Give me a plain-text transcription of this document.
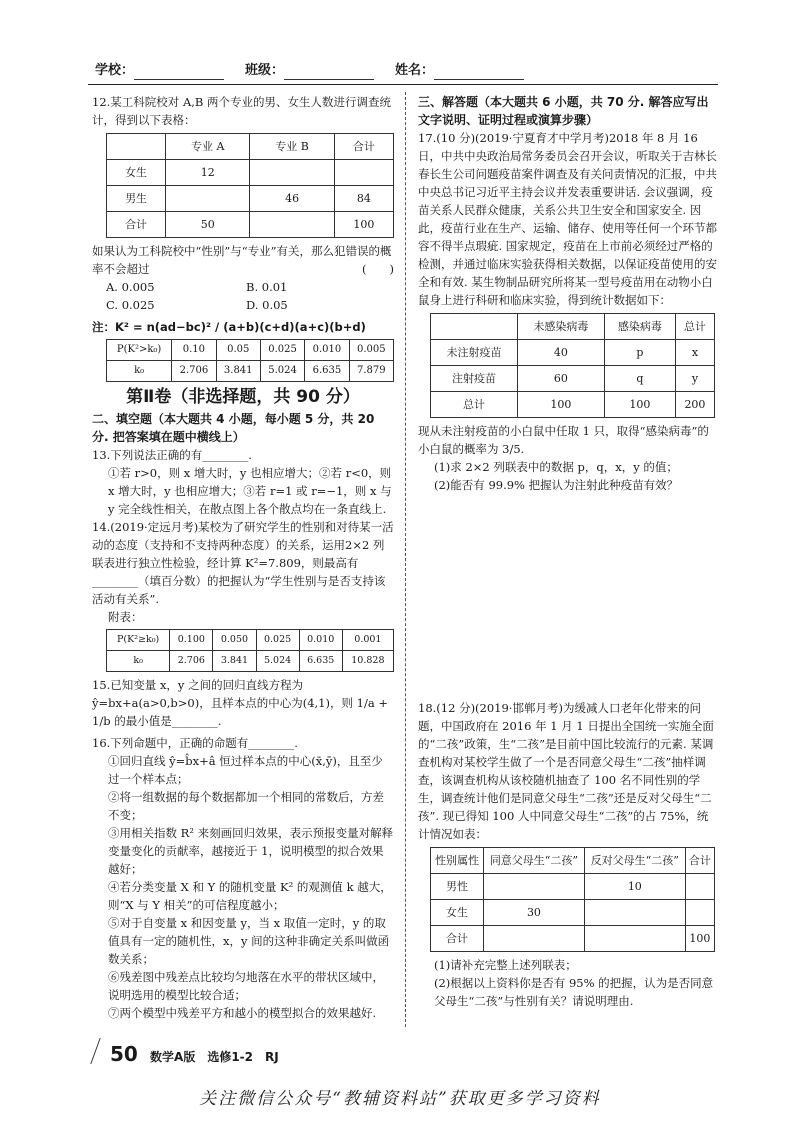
学校：	班级：	姓名：

12.某工科院校对 A,B 两个专业的男、女生人数进行调查统计，得到以下表格：

	专业 A	专业 B	合计
女生	12		
男生		46	84
合计	50		100

如果认为工科院校中“性别”与“专业”有关，那么犯错误的概率不会超过	(　　)

A. 0.005	B. 0.01
C. 0.025	D. 0.05

注：K² = n(ad−bc)² / (a+b)(c+d)(a+c)(b+d)

P(K²>k₀)	0.10	0.05	0.025	0.010	0.005
k₀	2.706	3.841	5.024	6.635	7.879
第Ⅱ卷（非选择题，共 90 分）

二、填空题（本大题共 4 小题，每小题 5 分，共 20 分. 把答案填在题中横线上）

13.下列说法正确的有________.

①若 r>0，则 x 增大时，y 也相应增大；②若 r<0，则 x 增大时，y 也相应增大；③若 r=1 或 r=−1，则 x 与 y 完全线性相关，在散点图上各个散点均在一条直线上.

14.(2019·定远月考)某校为了研究学生的性别和对待某一活动的态度（支持和不支持两种态度）的关系，运用2×2 列联表进行独立性检验，经计算 K²=7.809，则最高有________（填百分数）的把握认为“学生性别与是否支持该活动有关系”.

附表：

P(K²≥k₀)	0.100	0.050	0.025	0.010	0.001
k₀	2.706	3.841	5.024	6.635	10.828

15.已知变量 x，y 之间的回归直线方程为 ŷ=bx+a(a>0,b>0)，且样本点的中心为(4,1)，则 1/a + 1/b 的最小值是________.

16.下列命题中，正确的命题有________.

①回归直线 ŷ=b̂x+â 恒过样本点的中心(x̄,ȳ)，且至少过一个样本点；

②将一组数据的每个数据都加一个相同的常数后，方差不变；

③用相关指数 R² 来刻画回归效果，表示预报变量对解释变量变化的贡献率，越接近于 1，说明模型的拟合效果越好；

④若分类变量 X 和 Y 的随机变量 K² 的观测值 k 越大，则“X 与 Y 相关”的可信程度越小；

⑤对于自变量 x 和因变量 y，当 x 取值一定时，y 的取值具有一定的随机性，x，y 间的这种非确定关系叫做函数关系；

⑥残差图中残差点比较均匀地落在水平的带状区域中，说明选用的模型比较合适；

⑦两个模型中残差平方和越小的模型拟合的效果越好.

三、解答题（本大题共 6 小题，共 70 分. 解答应写出文字说明、证明过程或演算步骤）

17.(10 分)(2019·宁夏育才中学月考)2018 年 8 月 16 日，中共中央政治局常务委员会召开会议，听取关于吉林长春长生公司问题疫苗案件调查及有关问责情况的汇报，中共中央总书记习近平主持会议并发表重要讲话. 会议强调，疫苗关系人民群众健康，关系公共卫生安全和国家安全. 因此，疫苗行业在生产、运输、储存、使用等任何一个环节都容不得半点瑕疵. 国家规定，疫苗在上市前必须经过严格的检测，并通过临床实验获得相关数据，以保证疫苗使用的安全和有效. 某生物制品研究所将某一型号疫苗用在动物小白鼠身上进行科研和临床实验，得到统计数据如下：

	未感染病毒	感染病毒	总计
未注射疫苗	40	p	x
注射疫苗	60	q	y
总计	100	100	200

现从未注射疫苗的小白鼠中任取 1 只，取得“感染病毒”的小白鼠的概率为 3/5.

(1)求 2×2 列联表中的数据 p，q，x，y 的值；

(2)能否有 99.9% 把握认为注射此种疫苗有效？

18.(12 分)(2019·邯郸月考)为缓减人口老年化带来的问题，中国政府在 2016 年 1 月 1 日提出全国统一实施全面的“二孩”政策，生“二孩”是目前中国比较流行的元素. 某调查机构对某校学生做了一个是否同意父母生“二孩”抽样调查，该调查机构从该校随机抽查了 100 名不同性别的学生，调查统计他们是同意父母生“二孩”还是反对父母生“二孩”. 现已得知 100 人中同意父母生“二孩”的占 75%，统计情况如表：

性别属性	同意父母生“二孩”	反对父母生“二孩”	合计
男性		10	
女生	30		
合计			100

(1)请补充完整上述列联表；

(2)根据以上资料你是否有 95% 的把握，认为是否同意父母生“二孩”与性别有关？请说明理由.

50 数学A版　选修1-2　RJ
关注微信公众号“教辅资料站”获取更多学习资料
